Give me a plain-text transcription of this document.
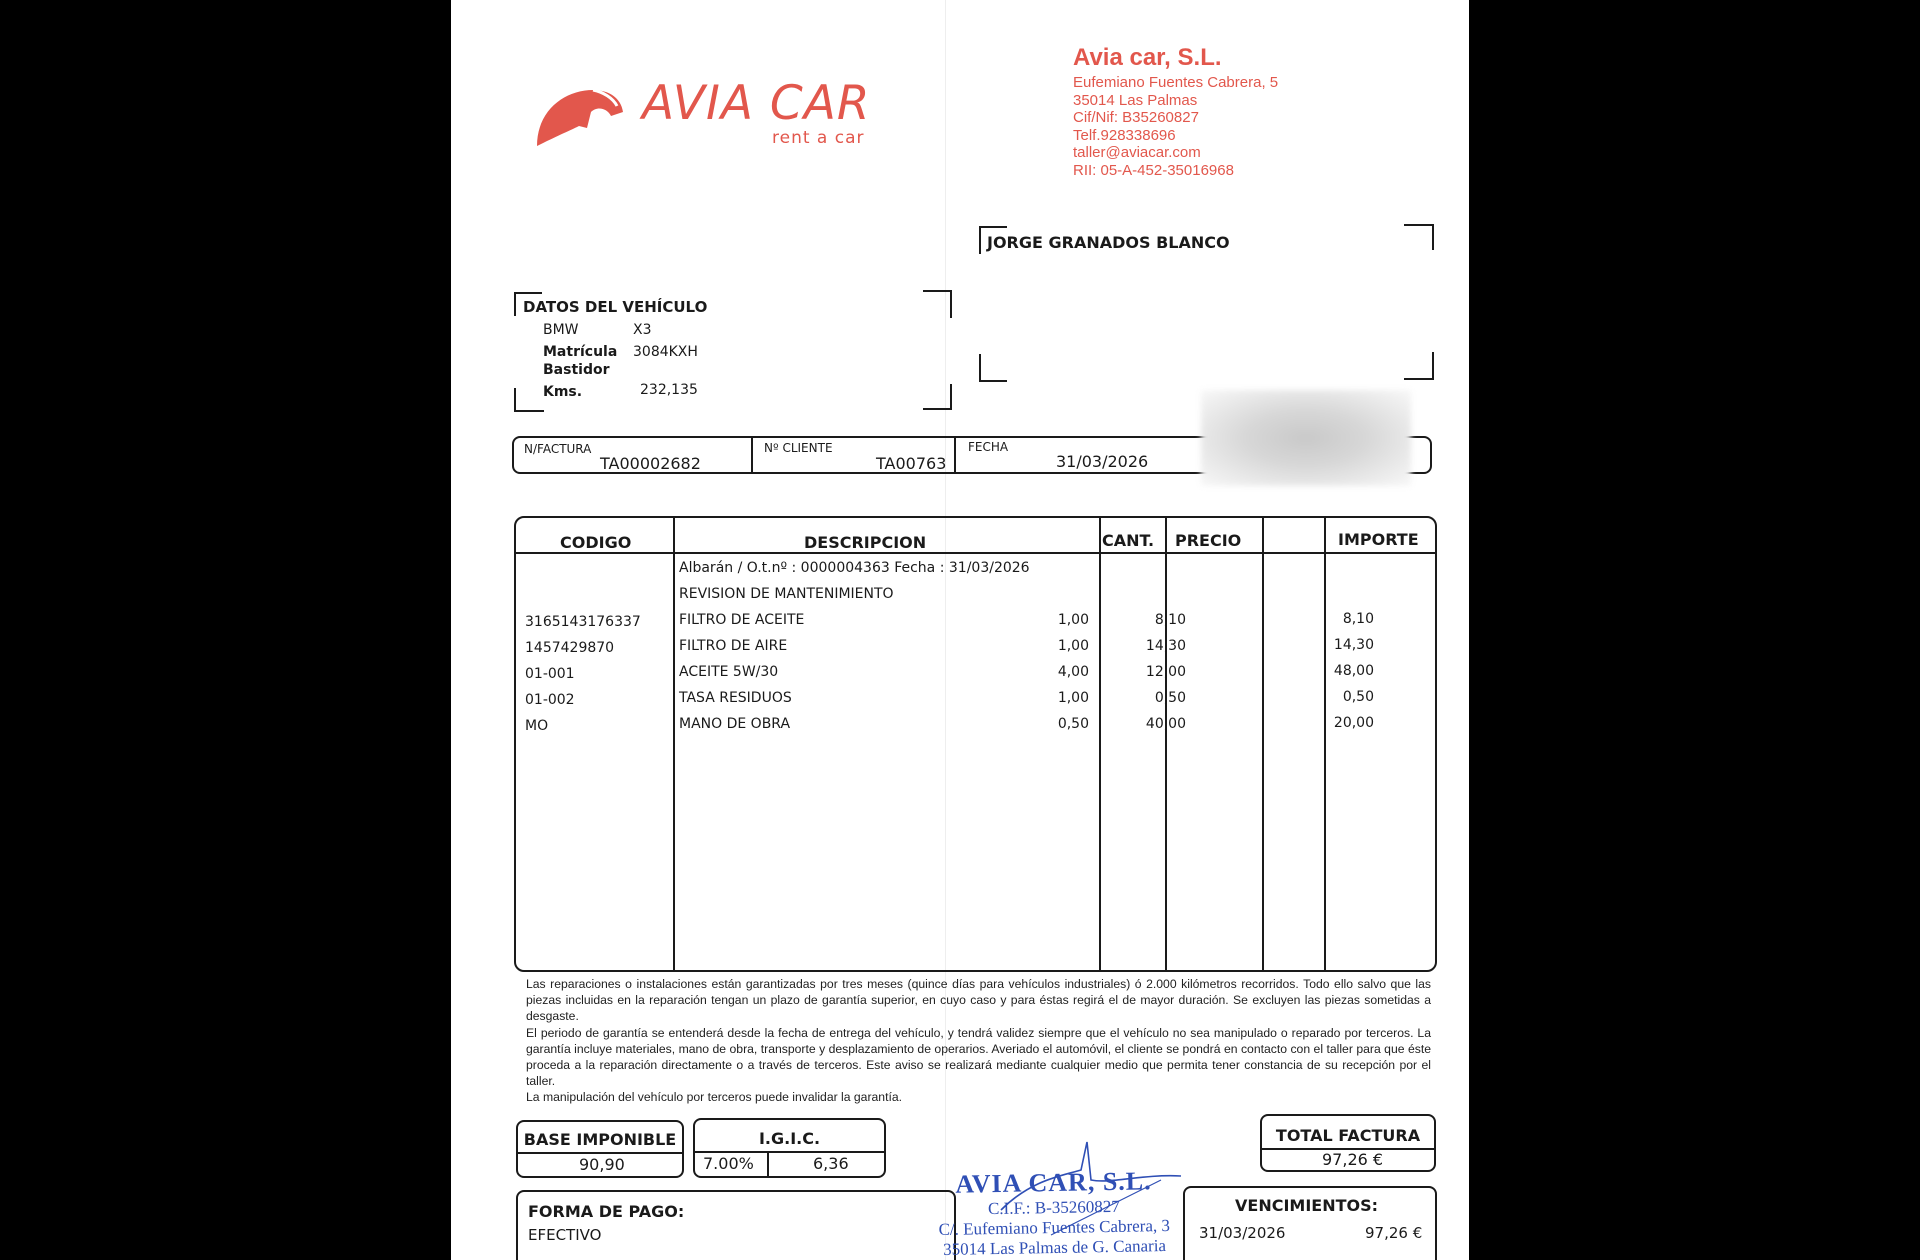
AVIA CAR
rent a car
Avia car, S.L.
Eufemiano Fuentes Cabrera, 5
35014 Las Palmas
Cif/Nif: B35260827
Telf.928338696
taller@aviacar.com
RII: 05-A-452-35016968
JORGE GRANADOS BLANCO
DATOS DEL VEHÍCULO
BMW	X3
Matrícula 3084KXH
Bastidor
Kms.	232,135
N/FACTURA
TA00002682
Nº CLIENTE
TA00763
FECHA
31/03/2026
CODIGO	DESCRIPCION	CANT. PRECIO	IMPORTE
Albarán / O.t.nº : 0000004363 Fecha : 31/03/2026
REVISION DE MANTENIMIENTO
3165143176337	FILTRO DE ACEITE	1,00	8,10	8,10
1457429870	FILTRO DE AIRE	1,00	14,30	14,30
01-001	ACEITE 5W/30	4,00	12,00	48,00
01-002	TASA RESIDUOS	1,00	0,50	0,50
MO	MANO DE OBRA	0,50	40,00	20,00

Las reparaciones o instalaciones están garantizadas por tres meses (quince días para vehículos industriales) ó 2.000 kilómetros recorridos. Todo ello salvo que las piezas incluidas en la reparación tengan un plazo de garantía superior, en cuyo caso y para éstas regirá el de mayor duración. Se excluyen las piezas sometidas a desgaste.

El periodo de garantía se entenderá desde la fecha de entrega del vehículo, y tendrá validez siempre que el vehículo no sea manipulado o reparado por terceros. La garantía incluye materiales, mano de obra, transporte y desplazamiento de operarios. Averiado el automóvil, el cliente se pondrá en contacto con el taller para que éste proceda a la reparación directamente o a través de terceros. Este aviso se realizará mediante cualquier medio que permita tener constancia de su recepción por el taller.

La manipulación del vehículo por terceros puede invalidar la garantía.

BASE IMPONIBLE
90,90
I.G.I.C.
7.00%	6,36
TOTAL FACTURA
97,26 €
FORMA DE PAGO:
EFECTIVO
VENCIMIENTOS:
31/03/2026	97,26 €
AVIA CAR, S.L.
C.I.F.: B-35260827
C/. Eufemiano Fuentes Cabrera, 3
35014 Las Palmas de G. Canaria
